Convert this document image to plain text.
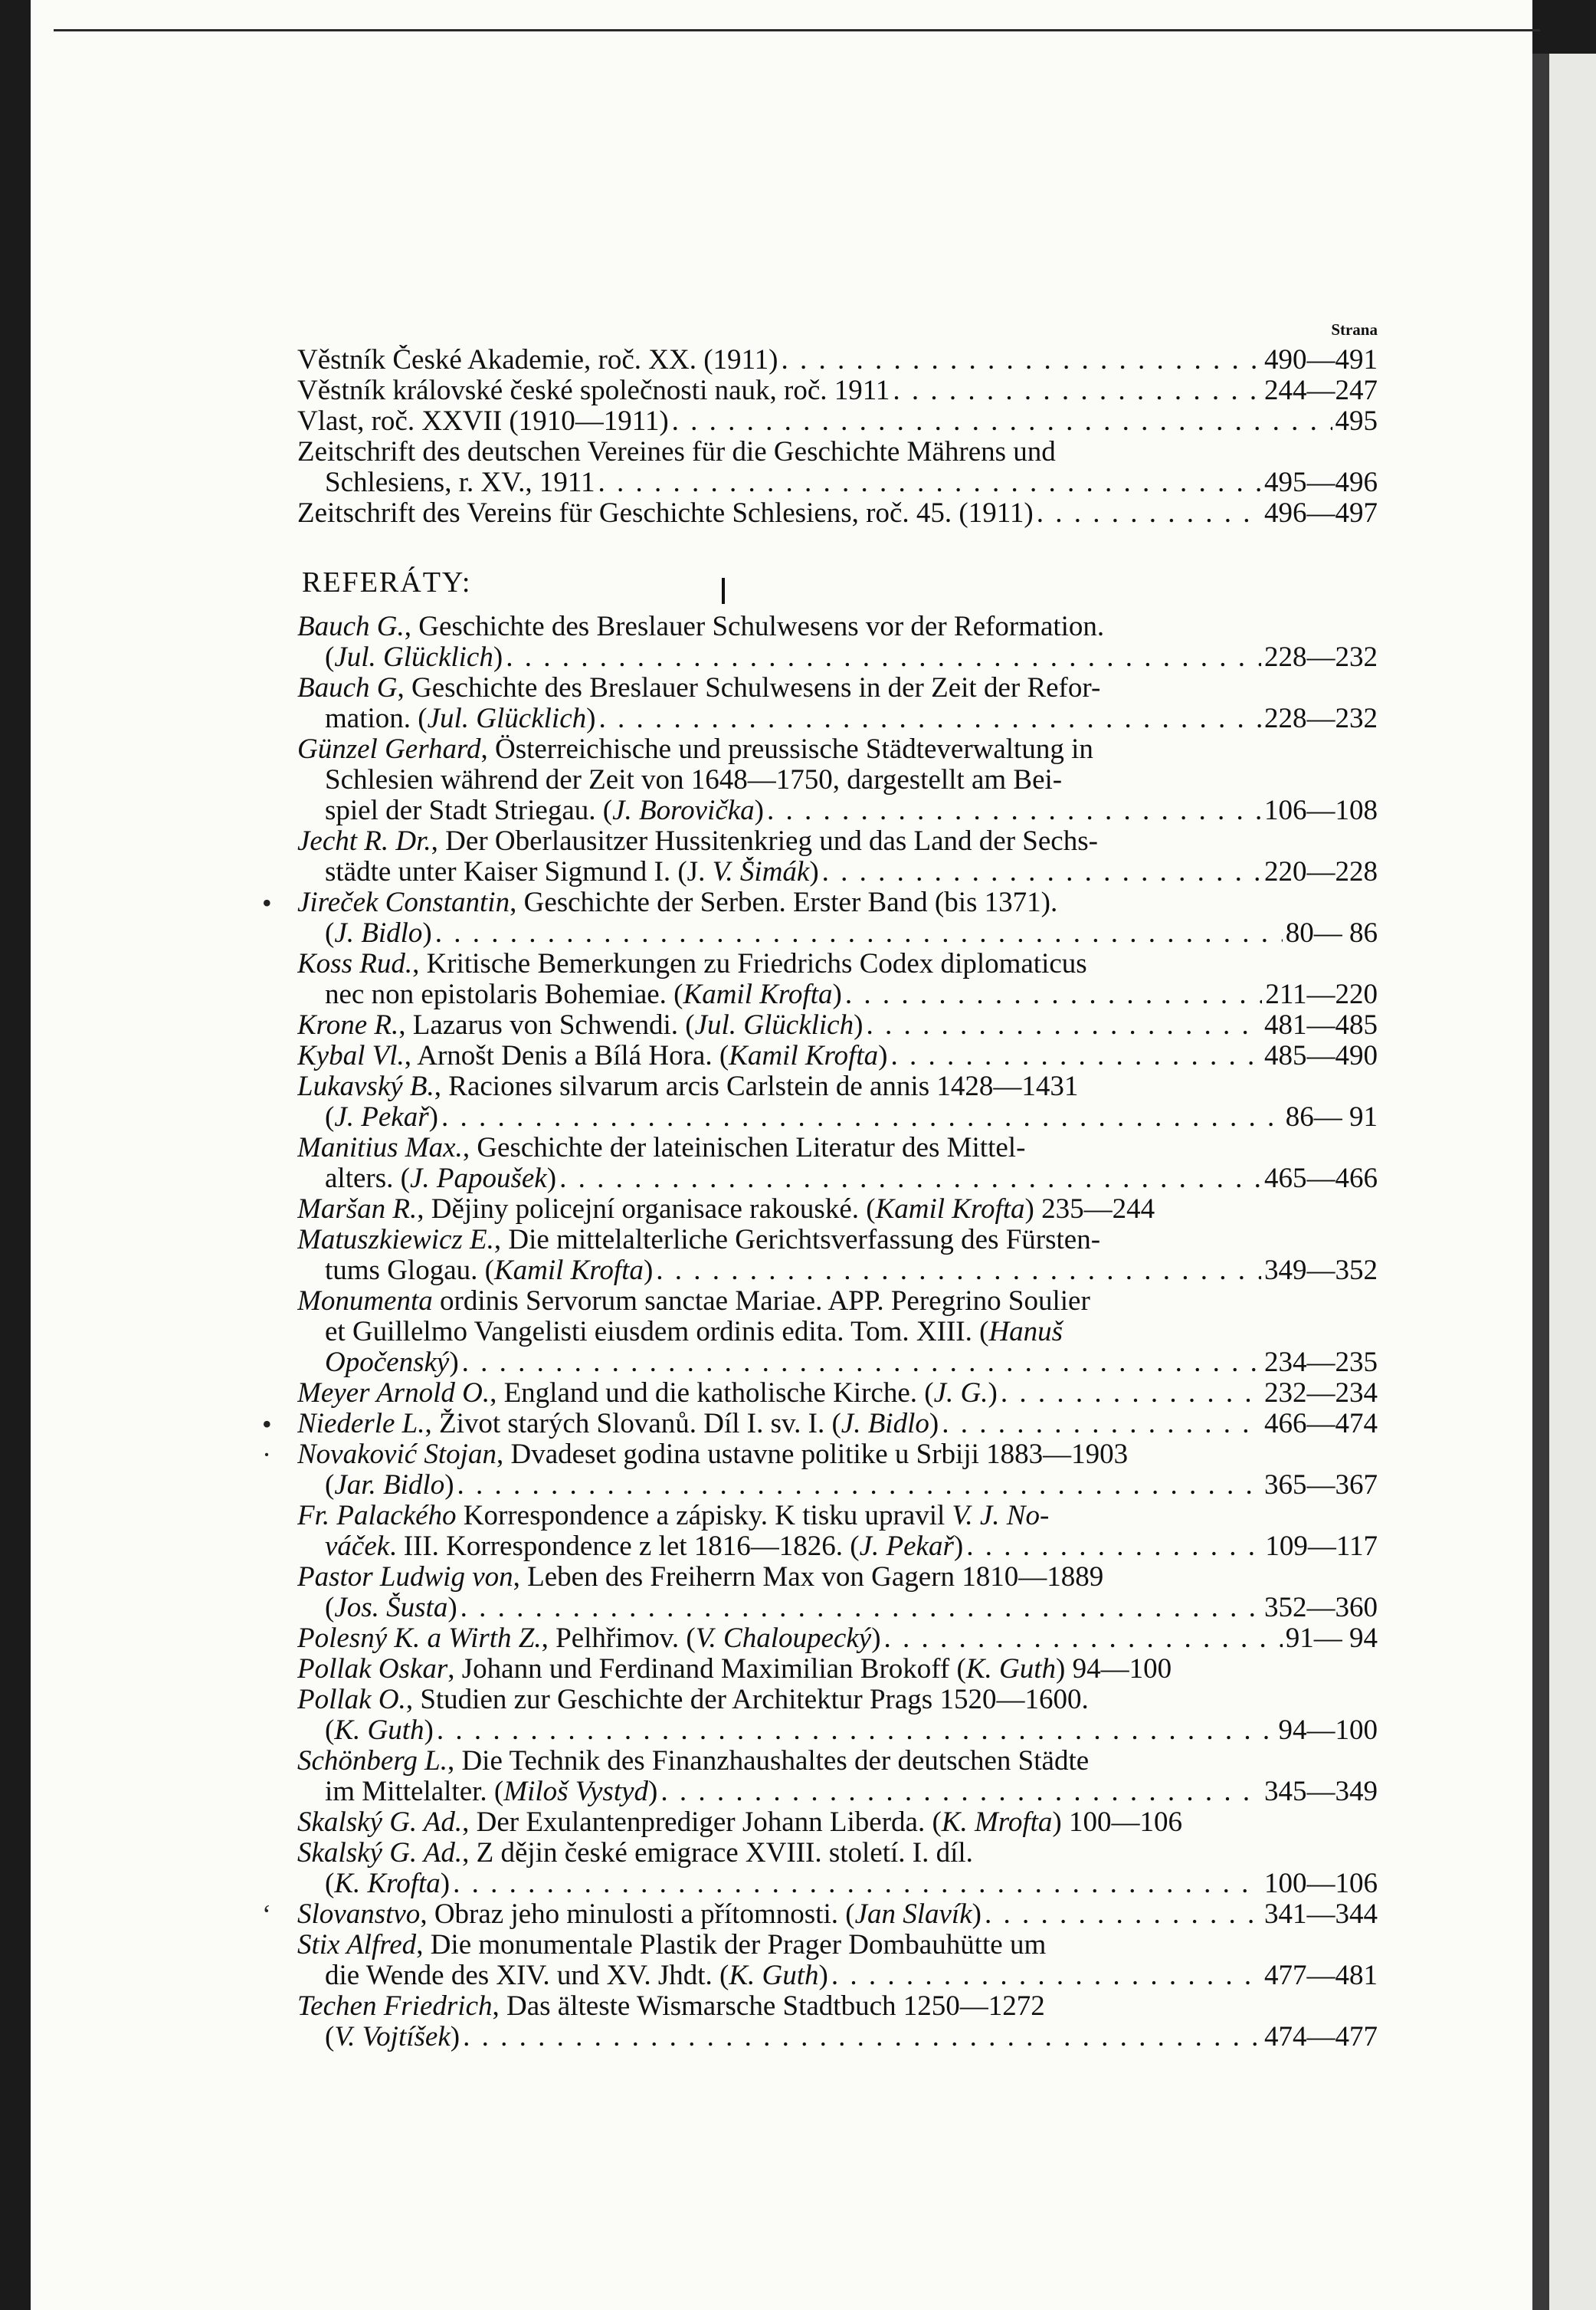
Strana
Věstník České Akademie, roč. XX. (1911) . . .	490—491
Věstník královské české společnosti nauk, roč. 1911 . . .	244—247
Vlast, roč. XXVII (1910—1911) . . .	495
Zeitschrift des deutschen Vereines für die Geschichte Mährens und
Schlesiens, r. XV., 1911 . . .	495—496
Zeitschrift des Vereins für Geschichte Schlesiens, roč. 45. (1911) . . .	496—497
REFERÁTY:
Bauch G., Geschichte des Breslauer Schulwesens vor der Reformation.
(Jul. Glücklich) . . .	228—232
Bauch G, Geschichte des Breslauer Schulwesens in der Zeit der Refor-
mation. (Jul. Glücklich) . . .	228—232
Günzel Gerhard, Österreichische und preussische Städteverwaltung in
Schlesien während der Zeit von 1648—1750, dargestellt am Bei-
spiel der Stadt Striegau. (J. Borovička) . . .	106—108
Jecht R. Dr., Der Oberlausitzer Hussitenkrieg und das Land der Sechs-
städte unter Kaiser Sigmund I. (J. V. Šimák) . . .	220—228
• Jireček Constantin, Geschichte der Serben. Erster Band (bis 1371).
(J. Bidlo) . . .	80— 86
Koss Rud., Kritische Bemerkungen zu Friedrichs Codex diplomaticus
nec non epistolaris Bohemiae. (Kamil Krofta) . . .	211—220
Krone R., Lazarus von Schwendi. (Jul. Glücklich) . . .	481—485
Kybal Vl., Arnošt Denis a Bílá Hora. (Kamil Krofta) . . .	485—490
Lukavský B., Raciones silvarum arcis Carlstein de annis 1428—1431
(J. Pekař) . . .	86— 91
Manitius Max., Geschichte der lateinischen Literatur des Mittel-
alters. (J. Papoušek) . . .	465—466
Maršan R., Dějiny policejní organisace rakouské. (Kamil Krofta) 235—244
Matuszkiewicz E., Die mittelalterliche Gerichtsverfassung des Fürsten-
tums Glogau. (Kamil Krofta) . . .	349—352
Monumenta ordinis Servorum sanctae Mariae. APP. Peregrino Soulier
et Guillelmo Vangelisti eiusdem ordinis edita. Tom. XIII. (Hanuš
Opočenský) . . .	234—235
Meyer Arnold O., England und die katholische Kirche. (J. G.) . . .	232—234
• Niederle L., Život starých Slovanů. Díl I. sv. I. (J. Bidlo) . . .	466—474
· Novaković Stojan, Dvadeset godina ustavne politike u Srbiji 1883—1903
(Jar. Bidlo) . . .	365—367
Fr. Palackého Korrespondence a zápisky. K tisku upravil V. J. No-
váček. III. Korrespondence z let 1816—1826. (J. Pekař) . . .	109—117
Pastor Ludwig von, Leben des Freiherrn Max von Gagern 1810—1889
(Jos. Šusta) . . .	352—360
Polesný K. a Wirth Z., Pelhřimov. (V. Chaloupecký) . . .	91— 94
Pollak Oskar, Johann und Ferdinand Maximilian Brokoff (K. Guth) 94—100
Pollak O., Studien zur Geschichte der Architektur Prags 1520—1600.
(K. Guth) . . .	94—100
Schönberg L., Die Technik des Finanzhaushaltes der deutschen Städte
im Mittelalter. (Miloš Vystyd) . . .	345—349
Skalský G. Ad., Der Exulantenprediger Johann Liberda. (K. Mrofta) 100—106
Skalský G. Ad., Z dějin české emigrace XVIII. století. I. díl.
(K. Krofta) . . .	100—106
‘ Slovanstvo, Obraz jeho minulosti a přítomnosti. (Jan Slavík) . . .	341—344
Stix Alfred, Die monumentale Plastik der Prager Dombauhütte um
die Wende des XIV. und XV. Jhdt. (K. Guth) . . .	477—481
Techen Friedrich, Das älteste Wismarsche Stadtbuch 1250—1272
(V. Vojtíšek) . . .	474—477
